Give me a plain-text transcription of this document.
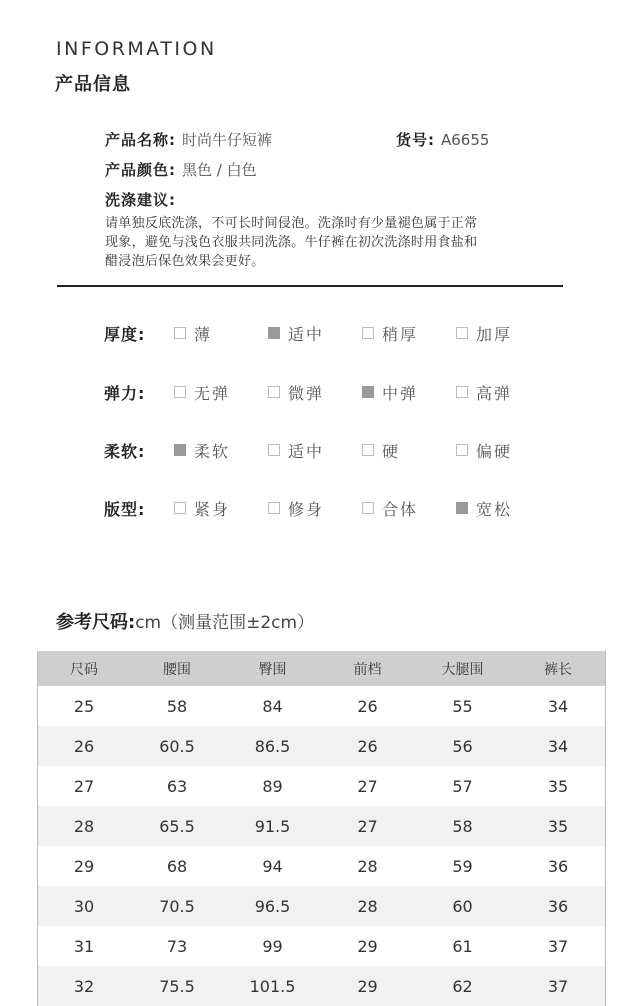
INFORMATION
产品信息
产品名称: 时尚牛仔短裤	货号: A6655
产品颜色: 黑色 / 白色
洗涤建议:
请单独反底洗涤，不可长时间侵泡。洗涤时有少量褪色属于正常
现象，避免与浅色衣服共同洗涤。牛仔裤在初次洗涤时用食盐和
醋浸泡后保色效果会更好。
厚度:	薄	适中	稍厚	加厚
弹力:	无弹	微弹	中弹	高弹
柔软:	柔软	适中	硬	偏硬
版型:	紧身	修身	合体	宽松
参考尺码:cm（测量范围±2cm）
尺码	腰围	臀围	前档	大腿围	裤长
25	58	84	26	55	34
26	60.5	86.5	26	56	34
27	63	89	27	57	35
28	65.5	91.5	27	58	35
29	68	94	28	59	36
30	70.5	96.5	28	60	36
31	73	99	29	61	37
32	75.5	101.5	29	62	37
